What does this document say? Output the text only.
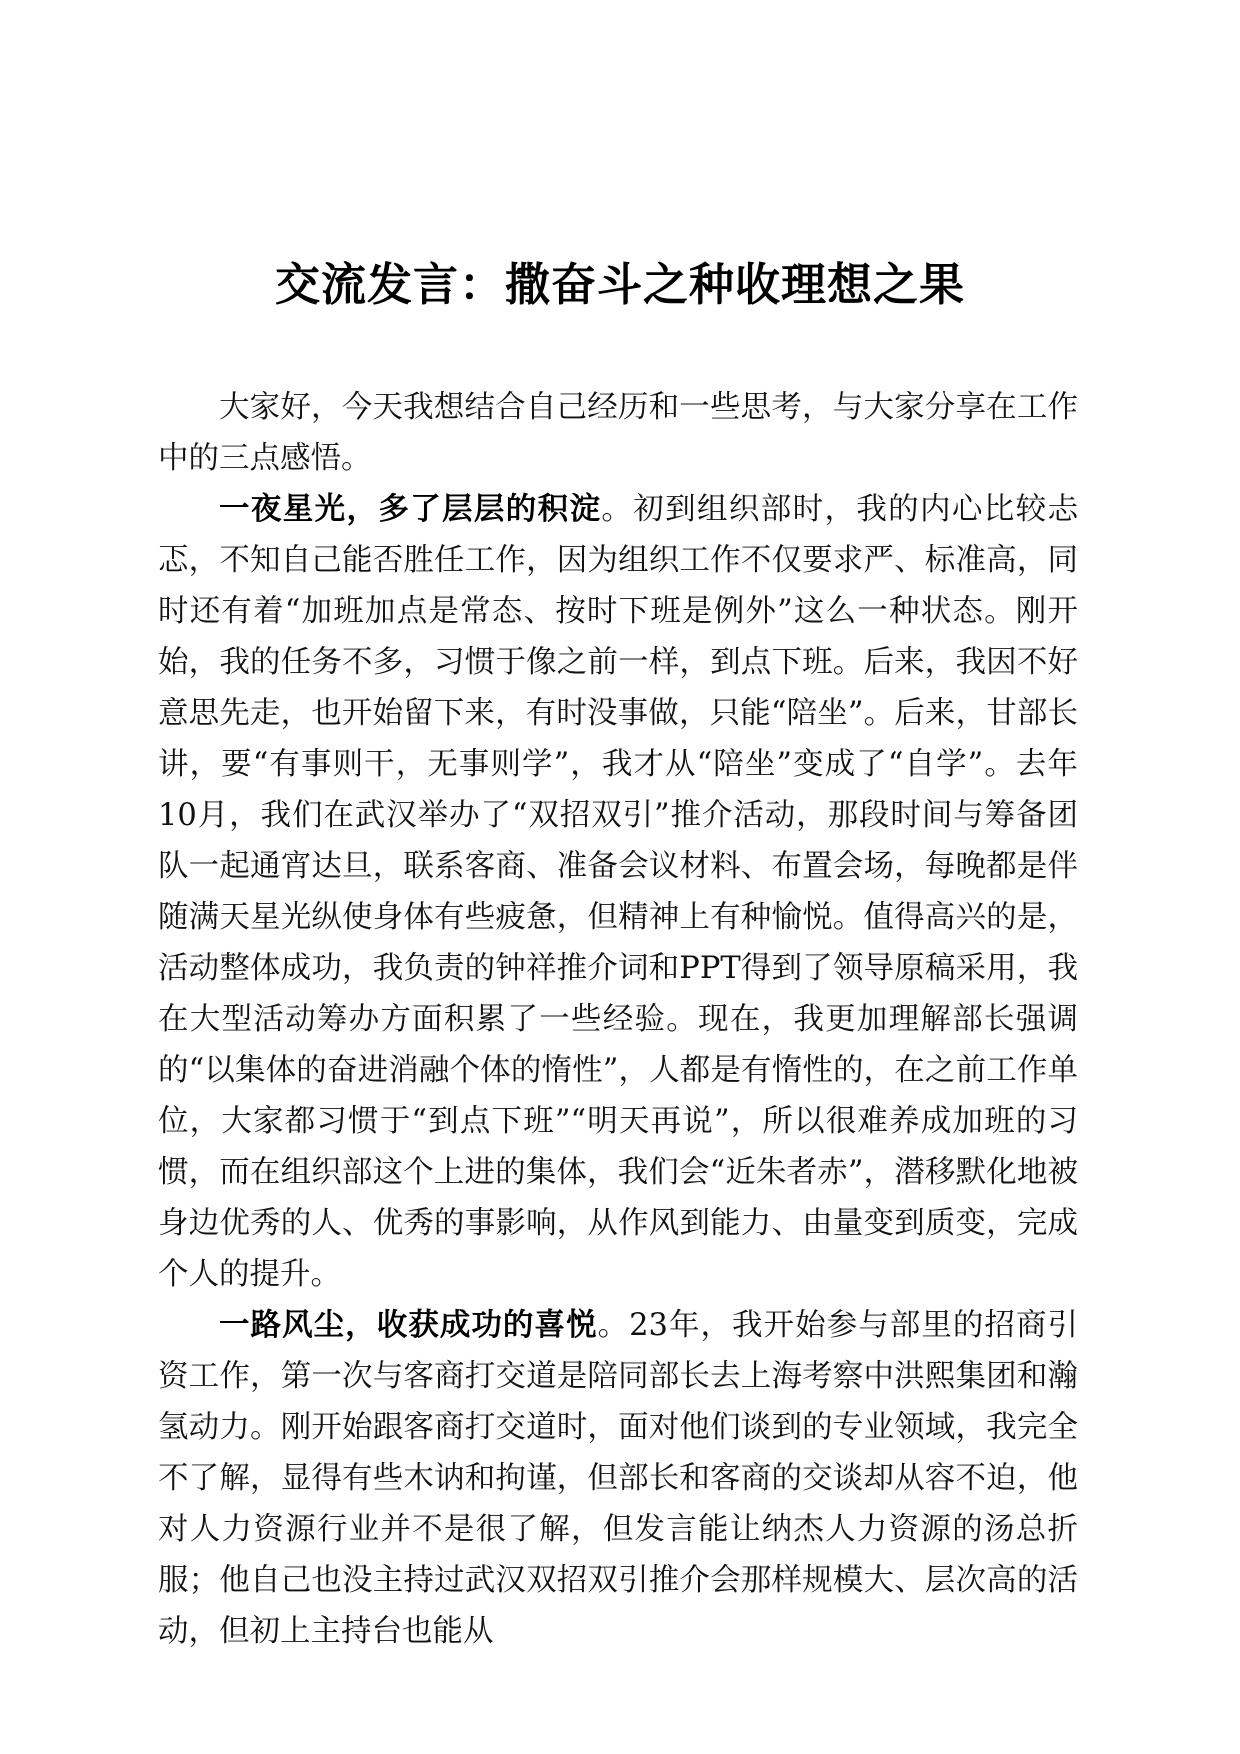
交流发言：撒奋斗之种收理想之果

大家好，今天我想结合自己经历和一些思考，与大家分享在工作中的三点感悟。

一夜星光，多了层层的积淀。初到组织部时，我的内心比较忐忑，不知自己能否胜任工作，因为组织工作不仅要求严、标准高，同时还有着“加班加点是常态、按时下班是例外”这么一种状态。刚开始，我的任务不多，习惯于像之前一样，到点下班。后来，我因不好意思先走，也开始留下来，有时没事做，只能“陪坐”。后来，甘部长讲，要“有事则干，无事则学”，我才从“陪坐”变成了“自学”。去年10月，我们在武汉举办了“双招双引”推介活动，那段时间与筹备团队一起通宵达旦，联系客商、准备会议材料、布置会场，每晚都是伴随满天星光纵使身体有些疲惫，但精神上有种愉悦。值得高兴的是，活动整体成功，我负责的钟祥推介词和PPT得到了领导原稿采用，我在大型活动筹办方面积累了一些经验。现在，我更加理解部长强调的“以集体的奋进消融个体的惰性”，人都是有惰性的，在之前工作单位，大家都习惯于“到点下班”“明天再说”，所以很难养成加班的习惯，而在组织部这个上进的集体，我们会“近朱者赤”，潜移默化地被身边优秀的人、优秀的事影响，从作风到能力、由量变到质变，完成个人的提升。

一路风尘，收获成功的喜悦。23年，我开始参与部里的招商引资工作，第一次与客商打交道是陪同部长去上海考察中洪熙集团和瀚氢动力。刚开始跟客商打交道时，面对他们谈到的专业领域，我完全不了解，显得有些木讷和拘谨，但部长和客商的交谈却从容不迫，他对人力资源行业并不是很了解，但发言能让纳杰人力资源的汤总折服；他自己也没主持过武汉双招双引推介会那样规模大、层次高的活动，但初上主持台也能从
